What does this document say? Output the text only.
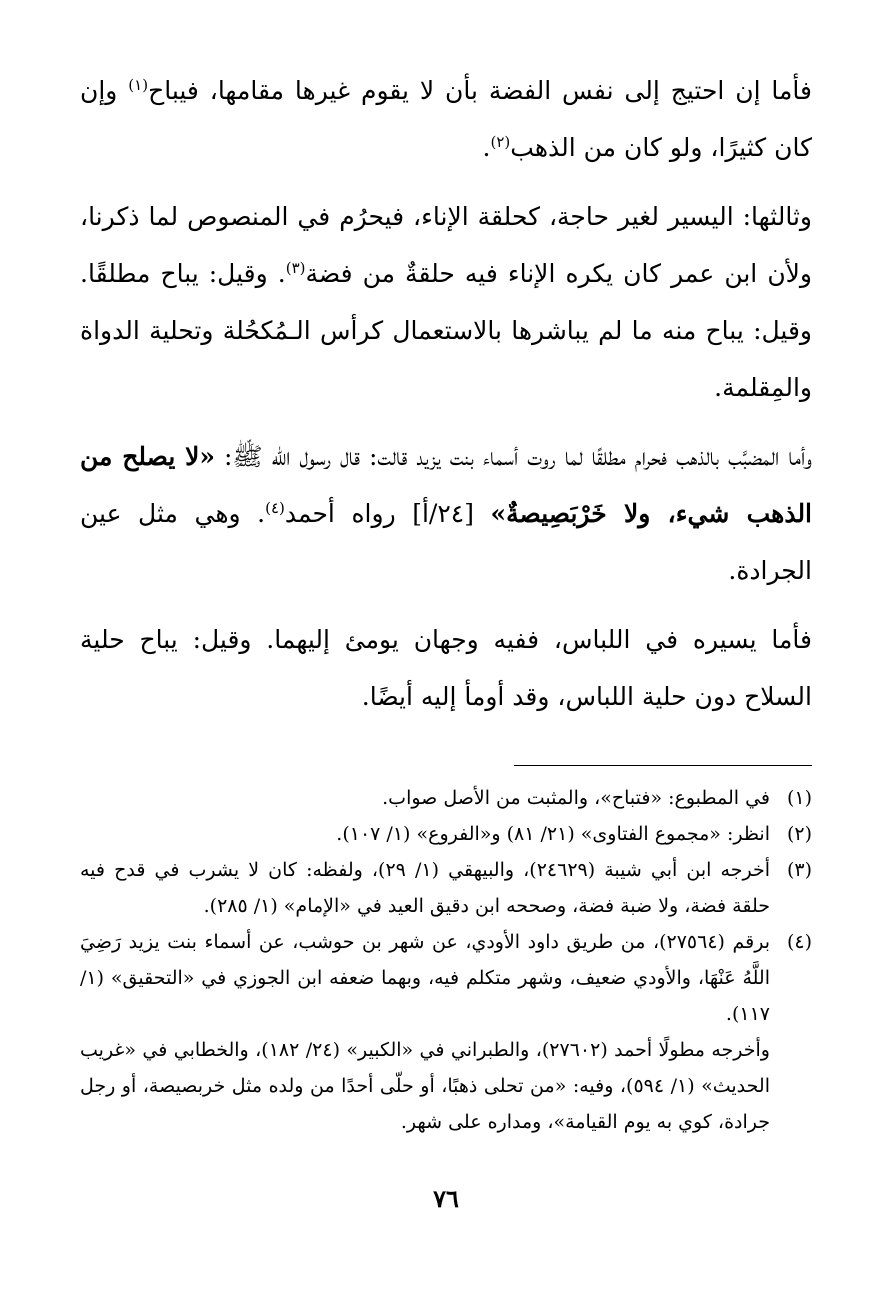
فأما إن احتيج إلى نفس الفضة بأن لا يقوم غيرها مقامها، فيباح$^{(١)}$ وإن كان كثيرًا، ولو كان من الذهب$^{(٢)}$.

وثالثها: اليسير لغير حاجة، كحلقة الإناء، فيحرُم في المنصوص لما ذكرنا، ولأن ابن عمر كان يكره الإناء فيه حلقةٌ من فضة$^{(٣)}$. وقيل: يباح مطلقًا. وقيل: يباح منه ما لم يباشرها بالاستعمال كرأس الـمُكحُلة وتحلية الدواة والمِقلمة.

وأما المضبَّب بالذهب فحرام مطلقًا لما روت أسماء بنت يزيد قالت: قال رسول الله ﷺ: «لا يصلح من الذهب شيء، ولا خَرْبَصِيصةٌ» [٢٤/أ] رواه أحمد$^{(٤)}$. وهي مثل عين الجرادة.

فأما يسيره في اللباس، ففيه وجهان يومئ إليهما. وقيل: يباح حلية السلاح دون حلية اللباس، وقد أومأ إليه أيضًا.

(١)
في المطبوع: «فتباح»، والمثبت من الأصل صواب.
(٢)
انظر: «مجموع الفتاوى» (٢١/ ٨١) و«الفروع» (١/ ١٠٧).
(٣)
أخرجه ابن أبي شيبة (٢٤٦٢٩)، والبيهقي (١/ ٢٩)، ولفظه: كان لا يشرب في قدح فيه حلقة فضة، ولا ضبة فضة، وصححه ابن دقيق العيد في «الإمام» (١/ ٢٨٥).
(٤)
برقم (٢٧٥٦٤)، من طريق داود الأودي، عن شهر بن حوشب، عن أسماء بنت يزيد رَضِيَ اللَّهُ عَنْهَا، والأودي ضعيف، وشهر متكلم فيه، وبهما ضعفه ابن الجوزي في «التحقيق» (١/ ١١٧).

وأخرجه مطولًا أحمد (٢٧٦٠٢)، والطبراني في «الكبير» (٢٤/ ١٨٢)، والخطابي في «غريب الحديث» (١/ ٥٩٤)، وفيه: «من تحلى ذهبًا، أو حلّى أحدًا من ولده مثل خربصيصة، أو رجل جرادة، كوي به يوم القيامة»، ومداره على شهر.

٧٦
